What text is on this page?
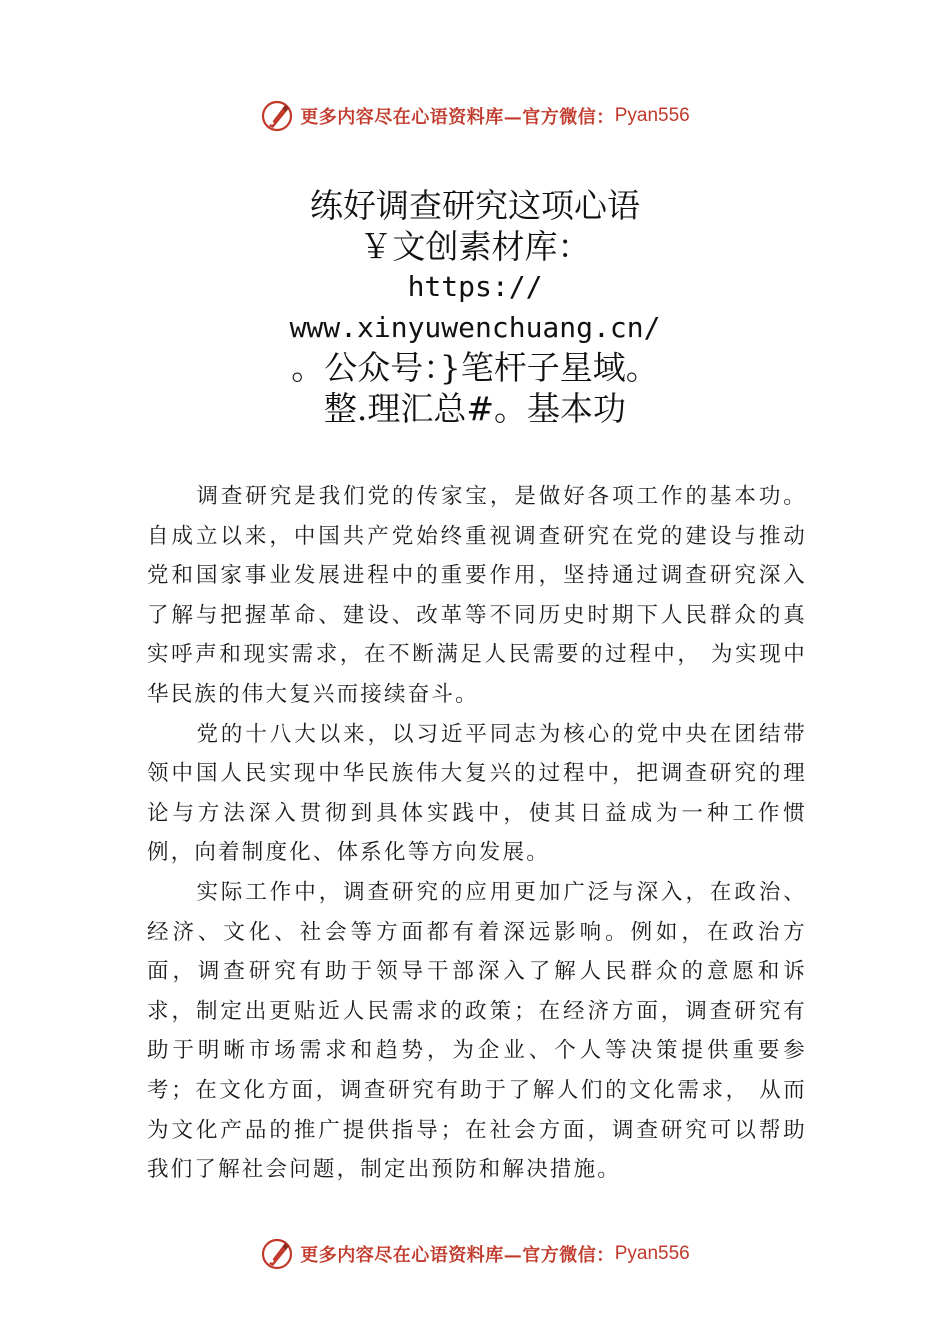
更多内容尽在心语资料库—官方微信： Pyan556
练好调查研究这项心语
￥文创素材库：
https://
www.xinyuwenchuang.cn/
。公众号：}笔杆子星域。
整.理汇总#。基本功

调查研究是我们党的传家宝，是做好各项工作的基本功。自成立以来，中国共产党始终重视调查研究在党的建设与推动党和国家事业发展进程中的重要作用，坚持通过调查研究深入了解与把握革命、建设、改革等不同历史时期下人民群众的真实呼声和现实需求，在不断满足人民需要的过程中， 为实现中华民族的伟大复兴而接续奋斗。

党的十八大以来，以习近平同志为核心的党中央在团结带领中国人民实现中华民族伟大复兴的过程中，把调查研究的理论与方法深入贯彻到具体实践中，使其日益成为一种工作惯例，向着制度化、体系化等方向发展。

实际工作中，调查研究的应用更加广泛与深入，在政治、经济、文化、社会等方面都有着深远影响。例如，在政治方面，调查研究有助于领导干部深入了解人民群众的意愿和诉求，制定出更贴近人民需求的政策；在经济方面，调查研究有助于明晰市场需求和趋势，为企业、个人等决策提供重要参考；在文化方面，调查研究有助于了解人们的文化需求， 从而为文化产品的推广提供指导；在社会方面，调查研究可以帮助我们了解社会问题，制定出预防和解决措施。

更多内容尽在心语资料库—官方微信： Pyan556
